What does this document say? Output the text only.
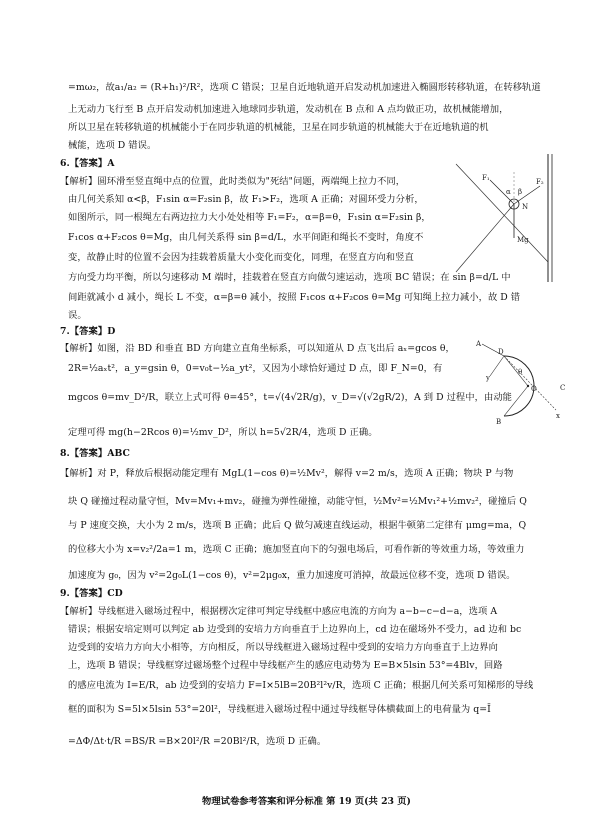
F₁	F₂
α β
Mg
N
A
B
C
D
O
x
y
θ
=mω₂，故a₁/a₂ = (R+h₁)²/R²，选项 C 错误；卫星自近地轨道开启发动机加速进入椭圆形转移轨道，在转移轨道
上无动力飞行至 B 点开启发动机加速进入地球同步轨道，发动机在 B 点和 A 点均做正功，故机械能增加，
所以卫星在转移轨道的机械能小于在同步轨道的机械能，卫星在同步轨道的机械能大于在近地轨道的机
械能，选项 D 错误。
6.【答案】A
【解析】圆环滑至竖直绳中点的位置，此时类似为"死结"问题，两端绳上拉力不同，
由几何关系知 α<β，F₁sin α=F₂sin β，故 F₁>F₂，选项 A 正确；对圆环受力分析，
如图所示，同一根绳左右两边拉力大小处处相等 F₁=F₂，α=β=θ，F₁sin α=F₂sin β，
F₁cos α+F₂cos θ=Mg，由几何关系得 sin β=d/L，水平间距和绳长不变时，角度不
变，故静止时的位置不会因为挂载着质量大小变化而变化，同理，在竖直方向和竖直
方向受力均平衡，所以匀速移动 M 端时，挂载着在竖直方向做匀速运动，选项 BC 错误；在 sin β=d/L 中
间距就减小 d 减小，绳长 L 不变，α=β=θ 减小，按照 F₁cos α+F₂cos θ=Mg 可知绳上拉力减小，故 D 错
误。
7.【答案】D
【解析】如图，沿 BD 和垂直 BD 方向建立直角坐标系，可以知道从 D 点飞出后 aₓ=gcos θ，
2R=½aₓt²，a_y=gsin θ，0=v₀t−½a_yt²，又因为小球恰好通过 D 点，即 F_N=0，有
mgcos θ=mv_D²/R，联立上式可得 θ=45°，t=√(4√2R/g)，v_D=√(√2gR/2)，A 到 D 过程中，由动能
定理可得 mg(h−2Rcos θ)=½mv_D²，所以 h=5√2R/4，选项 D 正确。
8.【答案】ABC
【解析】对 P，释放后根据动能定理有 MgL(1−cos θ)=½Mv²，解得 v=2 m/s，选项 A 正确；物块 P 与物
块 Q 碰撞过程动量守恒，Mv=Mv₁+mv₂，碰撞为弹性碰撞，动能守恒，½Mv²=½Mv₁²+½mv₂²，碰撞后 Q
与 P 速度交换，大小为 2 m/s，选项 B 正确；此后 Q 做匀减速直线运动，根据牛顿第二定律有 μmg=ma，Q
的位移大小为 x=v₂²/2a=1 m，选项 C 正确；施加竖直向下的匀强电场后，可看作新的等效重力场，等效重力
加速度为 g₀，因为 v²=2g₀L(1−cos θ)，v²=2μg₀x，重力加速度可消掉，故最远位移不变，选项 D 错误。
9.【答案】CD
【解析】导线框进入磁场过程中，根据楞次定律可判定导线框中感应电流的方向为 a−b−c−d−a，选项 A
错误；根据安培定则可以判定 ab 边受到的安培力方向垂直于上边界向上，cd 边在磁场外不受力，ad 边和 bc
边受到的安培力方向大小相等，方向相反，所以导线框进入磁场过程中受到的安培力方向垂直于上边界向
上，选项 B 错误；导线框穿过磁场整个过程中导线框产生的感应电动势为 E=B×5lsin 53°=4Blv，回路
的感应电流为 I=E/R，ab 边受到的安培力 F=I×5lB=20B²l²v/R，选项 C 正确；根据几何关系可知梯形的导线
框的面积为 S=5l×5lsin 53°=20l²，导线框进入磁场过程中通过导线框导体横截面上的电荷量为 q=Ī
=ΔΦ/Δt·t/R =BS/R =B×20l²/R =20Bl²/R，选项 D 正确。
物理试卷参考答案和评分标准 第 19 页(共 23 页)
